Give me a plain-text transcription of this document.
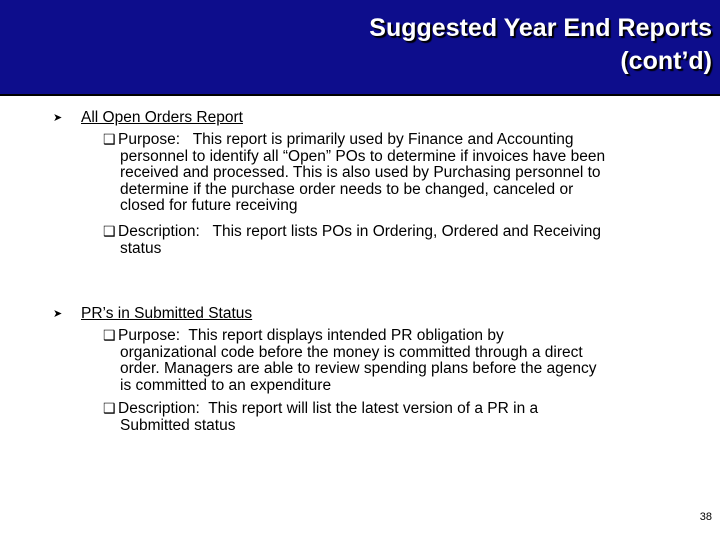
Suggested Year End Reports
(cont’d)
➤ All Open Orders Report
❑ Purpose: This report is primarily used by Finance and Accounting
personnel to identify all “Open” POs to determine if invoices have been
received and processed. This is also used by Purchasing personnel to
determine if the purchase order needs to be changed, canceled or
closed for future receiving
❑ Description: This report lists POs in Ordering, Ordered and Receiving
status
➤ PR’s in Submitted Status
❑ Purpose: This report displays intended PR obligation by
organizational code before the money is committed through a direct
order. Managers are able to review spending plans before the agency
is committed to an expenditure
❑ Description: This report will list the latest version of a PR in a
Submitted status
38
